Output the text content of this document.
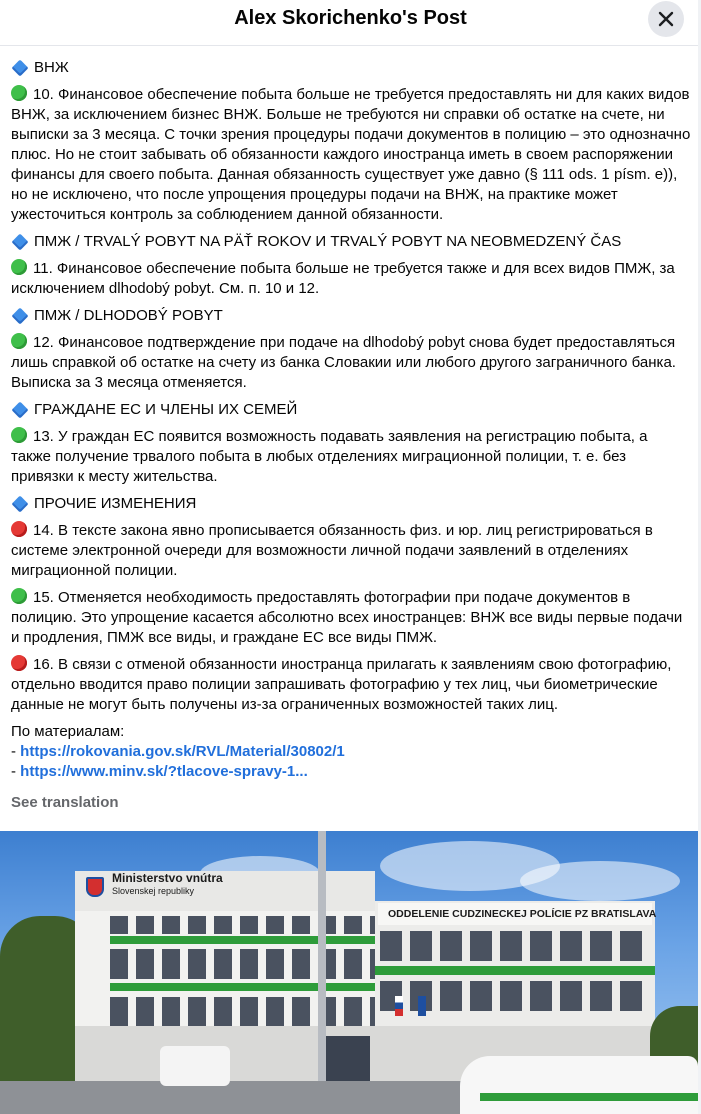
Alex Skorichenko's Post
ВНЖ
10. Финансовое обеспечение побыта больше не требуется предоставлять ни для каких видов ВНЖ, за исключением бизнес ВНЖ. Больше не требуются ни справки об остатке на счете, ни выписки за 3 месяца. С точки зрения процедуры подачи документов в полицию – это однозначно плюс. Но не стоит забывать об обязанности каждого иностранца иметь в своем распоряжении финансы для своего побыта. Данная обязанность существует уже давно (§ 111 ods. 1 písm. e)), но не исключено, что после упрощения процедуры подачи на ВНЖ, на практике может ужесточиться контроль за соблюдением данной обязанности.
ПМЖ / TRVALÝ POBYT NA PÄŤ ROKOV И TRVALÝ POBYT NA NEOBMEDZENÝ ČAS
11. Финансовое обеспечение побыта больше не требуется также и для всех видов ПМЖ, за исключением dlhodobý pobyt. См. п. 10 и 12.
ПМЖ / DLHODOBÝ POBYT
12. Финансовое подтверждение при подаче на dlhodobý pobyt снова будет предоставляться лишь справкой об остатке на счету из банка Словакии или любого другого заграничного банка. Выписка за 3 месяца отменяется.
ГРАЖДАНЕ ЕС И ЧЛЕНЫ ИХ СЕМЕЙ
13. У граждан ЕС появится возможность подавать заявления на регистрацию побыта, а также получение трвалого побыта в любых отделениях миграционной полиции, т. е. без привязки к месту жительства.
ПРОЧИЕ ИЗМЕНЕНИЯ
14. В тексте закона явно прописывается обязанность физ. и юр. лиц регистрироваться в системе электронной очереди для возможности личной подачи заявлений в отделениях миграционной полиции.
15. Отменяется необходимость предоставлять фотографии при подаче документов в полицию. Это упрощение касается абсолютно всех иностранцев: ВНЖ все виды первые подачи и продления, ПМЖ все виды, и граждане ЕС все виды ПМЖ.
16. В связи с отменой обязанности иностранца прилагать к заявлениям свою фотографию, отдельно вводится право полиции запрашивать фотографию у тех лиц, чьи биометрические данные не могут быть получены из-за ограниченных возможностей таких лиц.
По материалам:
- https://rokovania.gov.sk/RVL/Material/30802/1
- https://www.minv.sk/?tlacove-spravy-1...
See translation
Ministerstvo vnútra
Slovenskej republiky
ODDELENIE CUDZINECKEJ POLÍCIE PZ BRATISLAVA
